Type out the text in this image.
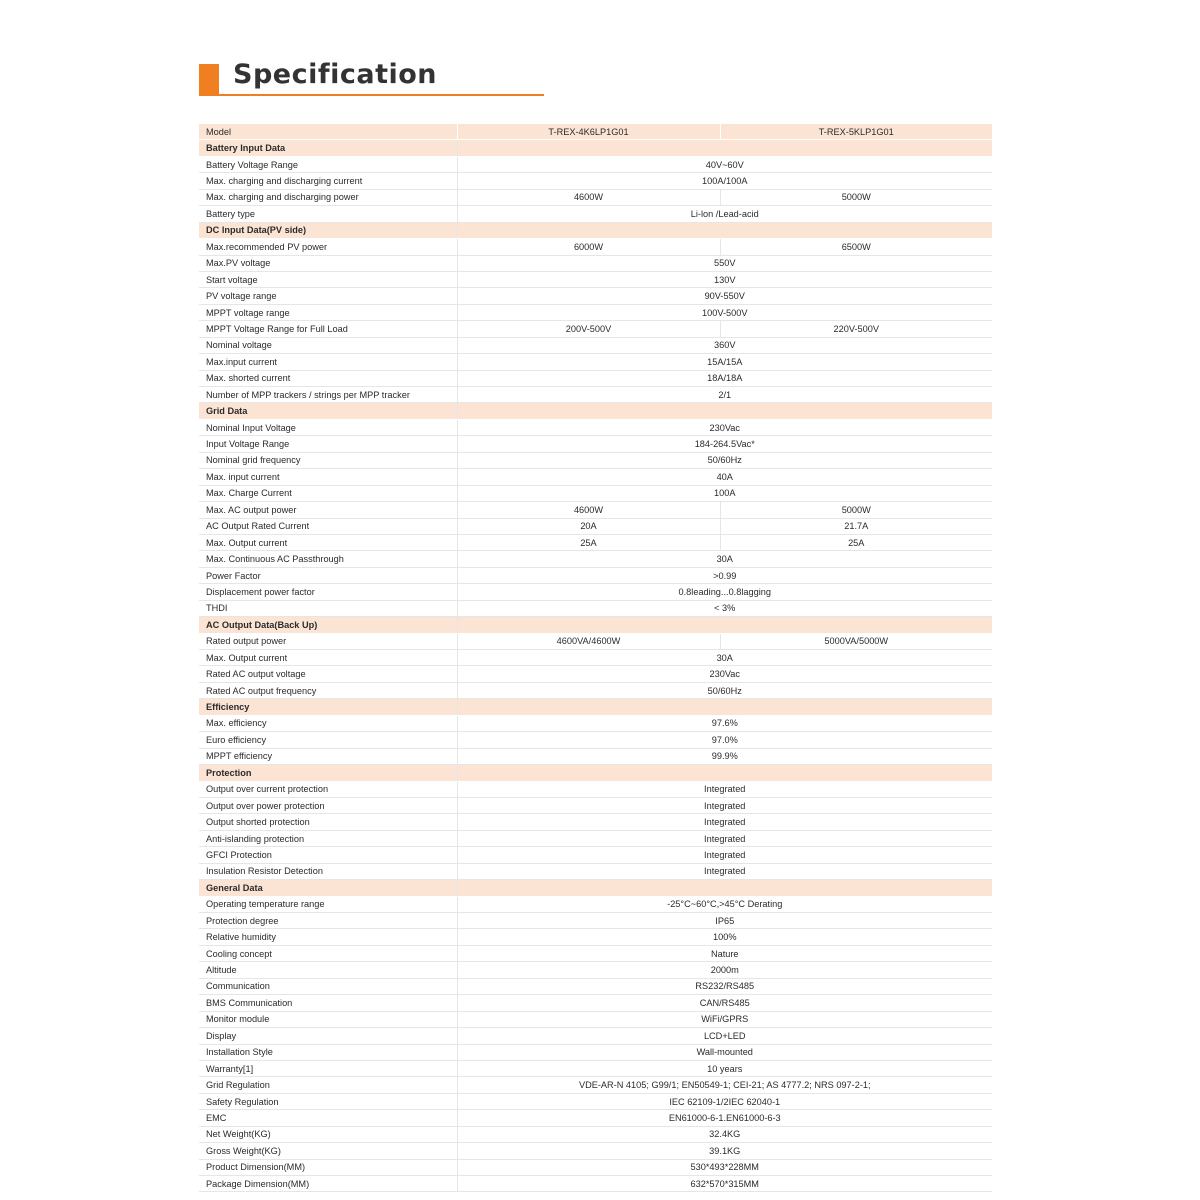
Specification
Model	T-REX-4K6LP1G01	T-REX-5KLP1G01
Battery Input Data		
Battery Voltage Range	40V~60V	
Max. charging and discharging current	100A/100A	
Max. charging and discharging power	4600W	5000W
Battery type	Li-lon /Lead-acid	
DC Input Data(PV side)		
Max.recommended PV power	6000W	6500W
Max.PV voltage	550V	
Start voltage	130V	
PV voltage range	90V-550V	
MPPT voltage range	100V-500V	
MPPT Voltage Range for Full Load	200V-500V	220V-500V
Nominal voltage	360V	
Max.input current	15A/15A	
Max. shorted current	18A/18A	
Number of MPP trackers / strings per MPP tracker	2/1	
Grid Data		
Nominal Input Voltage	230Vac	
Input Voltage Range	184-264.5Vac*	
Nominal grid frequency	50/60Hz	
Max. input current	40A	
Max. Charge Current	100A	
Max. AC output power	4600W	5000W
AC Output Rated Current	20A	21.7A
Max. Output current	25A	25A
Max. Continuous AC Passthrough	30A	
Power Factor	>0.99	
Displacement power factor	0.8leading...0.8lagging	
THDI	< 3%	
AC Output Data(Back Up)		
Rated output power	4600VA/4600W	5000VA/5000W
Max. Output current	30A	
Rated AC output voltage	230Vac	
Rated AC output frequency	50/60Hz	
Efficiency		
Max. efficiency	97.6%	
Euro efficiency	97.0%	
MPPT efficiency	99.9%	
Protection		
Output over current protection	Integrated	
Output over power protection	Integrated	
Output shorted protection	Integrated	
Anti-islanding protection	Integrated	
GFCI Protection	Integrated	
Insulation Resistor Detection	Integrated	
General Data		
Operating temperature range	-25°C~60°C,>45°C Derating	
Protection degree	IP65	
Relative humidity	100%	
Cooling concept	Nature	
Altitude	2000m	
Communication	RS232/RS485	
BMS Communication	CAN/RS485	
Monitor module	WiFi/GPRS	
Display	LCD+LED	
Installation Style	Wall-mounted	
Warranty[1]	10 years	
Grid Regulation	VDE-AR-N 4105; G99/1; EN50549-1; CEI-21; AS 4777.2; NRS 097-2-1;	
Safety Regulation	IEC 62109-1/2IEC 62040-1	
EMC	EN61000-6-1.EN61000-6-3	
Net Weight(KG)	32.4KG	
Gross Weight(KG)	39.1KG	
Product Dimension(MM)	530*493*228MM	
Package Dimension(MM)	632*570*315MM	
